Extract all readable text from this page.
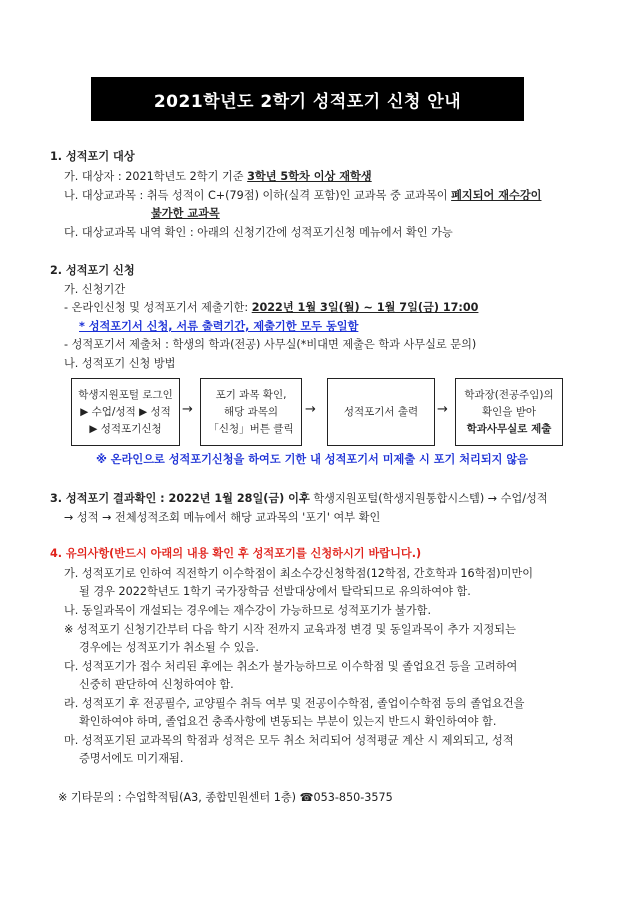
2021학년도 2학기 성적포기 신청 안내
1. 성적포기 대상
가. 대상자 : 2021학년도 2학기 기준 3학년 5학차 이상 재학생
나. 대상교과목 : 취득 성적이 C+(79점) 이하(실격 포함)인 교과목 중 교과목이 폐지되어 재수강이
불가한 교과목
다. 대상교과목 내역 확인 : 아래의 신청기간에 성적포기신청 메뉴에서 확인 가능
2. 성적포기 신청
가. 신청기간
- 온라인신청 및 성적포기서 제출기한: 2022년 1월 3일(월) ~ 1월 7일(금) 17:00
* 성적포기서 신청, 서류 출력기간, 제출기한 모두 동일함
- 성적포기서 제출처 : 학생의 학과(전공) 사무실(*비대면 제출은 학과 사무실로 문의)
나. 성적포기 신청 방법
학생지원포털 로그인
▶ 수업/성적 ▶ 성적
▶ 성적포기신청
→
포기 과목 확인,
해당 과목의
「신청」버튼 클릭
→	성적포기서 출력 →
학과장(전공주임)의
확인을 받아
학과사무실로 제출
※ 온라인으로 성적포기신청을 하여도 기한 내 성적포기서 미제출 시 포기 처리되지 않음
3. 성적포기 결과확인 : 2022년 1월 28일(금) 이후 학생지원포털(학생지원통합시스템) → 수업/성적
→ 성적 → 전체성적조회 메뉴에서 해당 교과목의 '포기' 여부 확인
4. 유의사항(반드시 아래의 내용 확인 후 성적포기를 신청하시기 바랍니다.)
가. 성적포기로 인하여 직전학기 이수학점이 최소수강신청학점(12학점, 간호학과 16학점)미만이
될 경우 2022학년도 1학기 국가장학금 선발대상에서 탈락되므로 유의하여야 함.
나. 동일과목이 개설되는 경우에는 재수강이 가능하므로 성적포기가 불가함.
※ 성적포기 신청기간부터 다음 학기 시작 전까지 교육과정 변경 및 동일과목이 추가 지정되는
경우에는 성적포기가 취소될 수 있음.
다. 성적포기가 접수 처리된 후에는 취소가 불가능하므로 이수학점 및 졸업요건 등을 고려하여
신중히 판단하여 신청하여야 함.
라. 성적포기 후 전공필수, 교양필수 취득 여부 및 전공이수학점, 졸업이수학점 등의 졸업요건을
확인하여야 하며, 졸업요건 충족사항에 변동되는 부분이 있는지 반드시 확인하여야 함.
마. 성적포기된 교과목의 학점과 성적은 모두 취소 처리되어 성적평균 계산 시 제외되고, 성적
증명서에도 미기재됨.
※ 기타문의 : 수업학적팀(A3, 종합민원센터 1층) ☎053-850-3575
